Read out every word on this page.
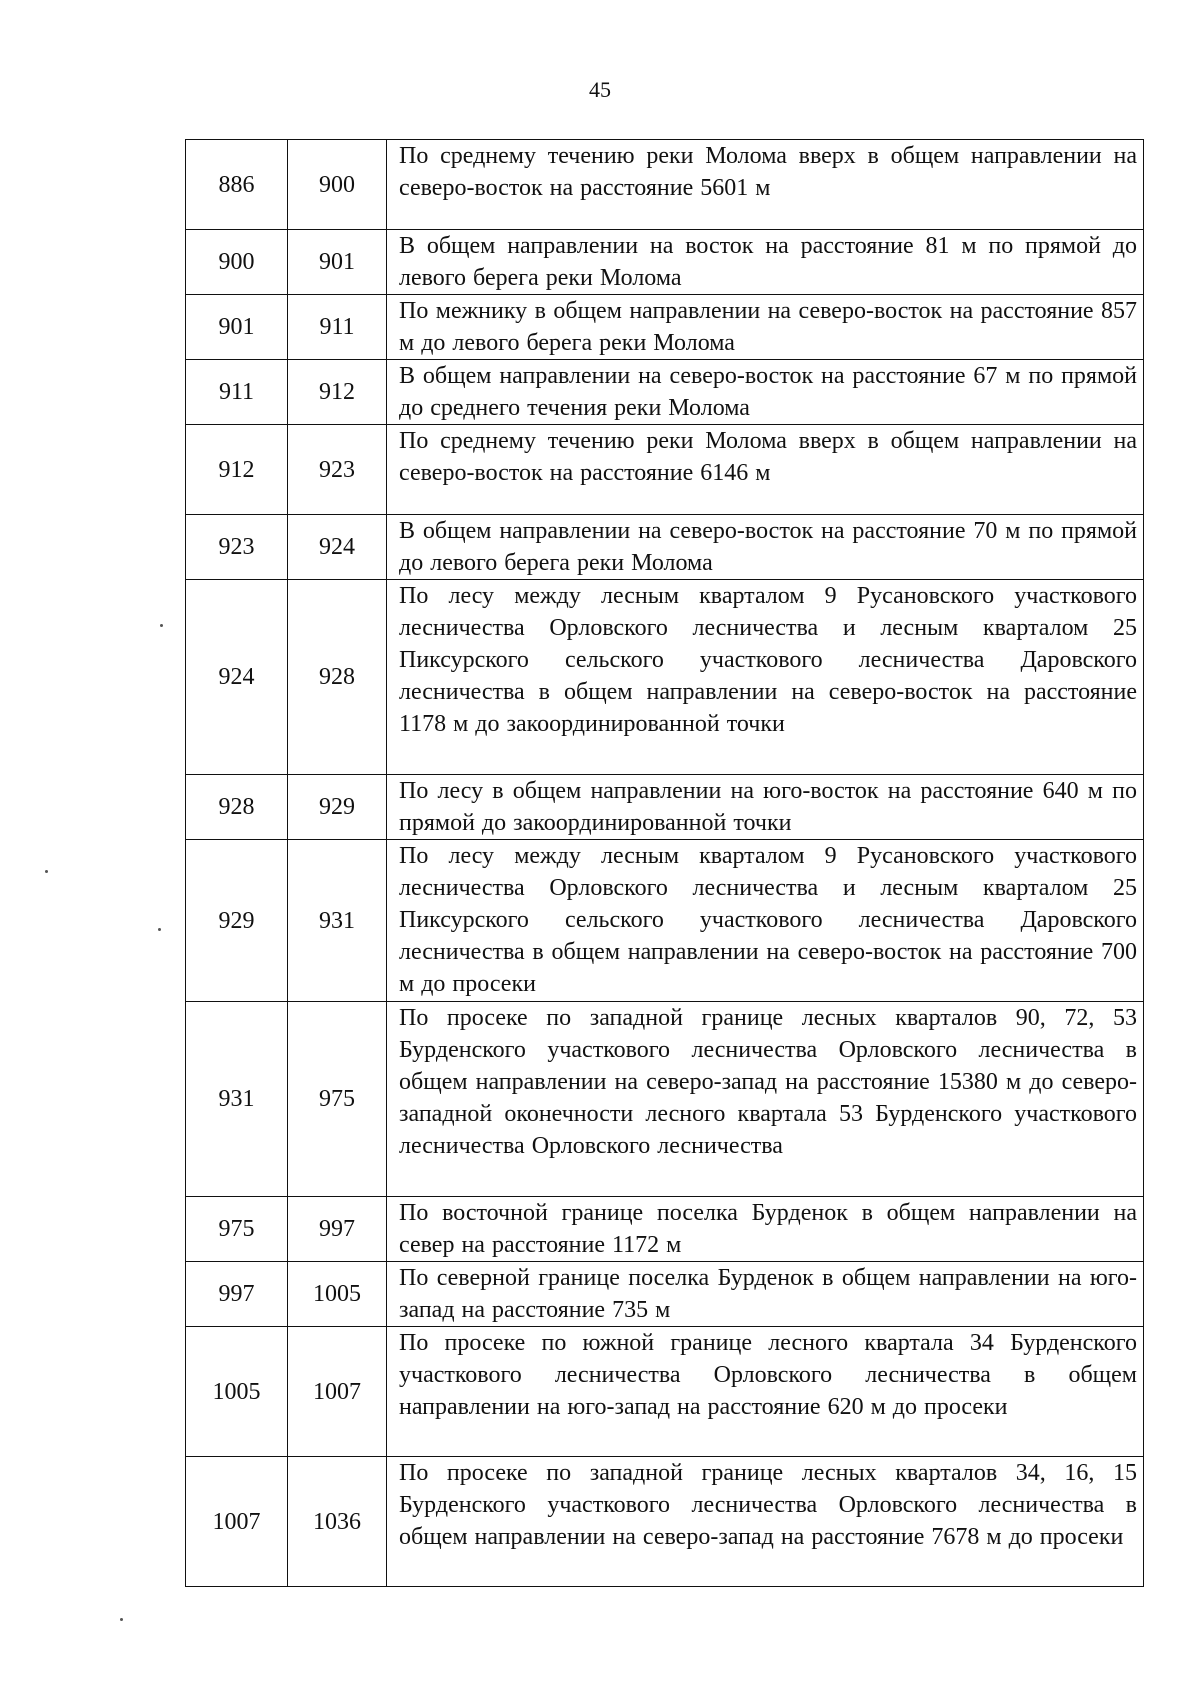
45
886	900	По среднему течению реки Молома вверх в общем направлении на северо-восток на расстояние 5601 м
900	901	В общем направлении на восток на расстояние 81 м по прямой до левого берега реки Молома
901	911	По межнику в общем направлении на северо-восток на расстояние 857 м до левого берега реки Молома
911	912	В общем направлении на северо-восток на расстояние 67 м по прямой до среднего течения реки Молома
912	923	По среднему течению реки Молома вверх в общем направлении на северо-восток на расстояние 6146 м
923	924	В общем направлении на северо-восток на расстояние 70 м по прямой до левого берега реки Молома
924	928	По лесу между лесным кварталом 9 Русановского участкового лесничества Орловского лесничества и лесным кварталом 25 Пиксурского сельского участкового лесничества Даровского лесничества в общем направлении на северо-восток на расстояние 1178 м до закоординированной точки
928	929	По лесу в общем направлении на юго-восток на расстояние 640 м по прямой до закоординированной точки
929	931	По лесу между лесным кварталом 9 Русановского участкового лесничества Орловского лесничества и лесным кварталом 25 Пиксурского сельского участкового лесничества Даровского лесничества в общем направлении на северо-восток на расстояние 700 м до просеки
931	975	По просеке по западной границе лесных кварталов 90, 72, 53 Бурденского участкового лесничества Орловского лесничества в общем направлении на северо-запад на расстояние 15380 м до северо-западной оконечности лесного квартала 53 Бурденского участкового лесничества Орловского лесничества
975	997	По восточной границе поселка Бурденок в общем направлении на север на расстояние 1172 м
997	1005	По северной границе поселка Бурденок в общем направлении на юго-запад на расстояние 735 м
1005	1007	По просеке по южной границе лесного квартала 34 Бурденского участкового лесничества Орловского лесничества в общем направлении на юго-запад на расстояние 620 м до просеки
1007	1036	По просеке по западной границе лесных кварталов 34, 16, 15 Бурденского участкового лесничества Орловского лесничества в общем направлении на северо-запад на расстояние 7678 м до просеки
